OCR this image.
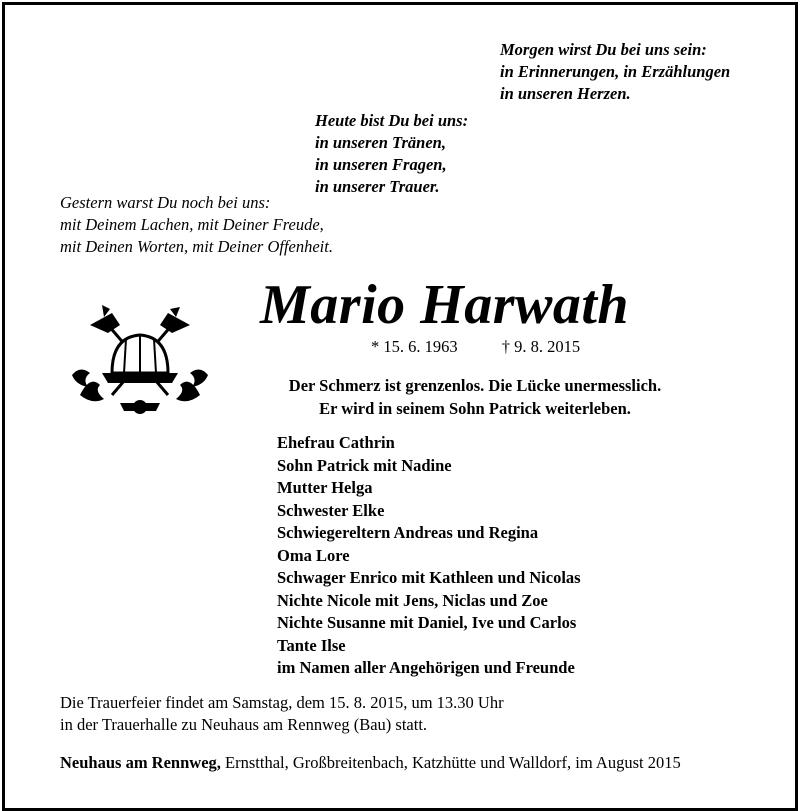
Morgen wirst Du bei uns sein:
in Erinnerungen, in Erzählungen
in unseren Herzen.
Heute bist Du bei uns:
in unseren Tränen,
in unseren Fragen,
in unserer Trauer.
Gestern warst Du noch bei uns:
mit Deinem Lachen, mit Deiner Freude,
mit Deinen Worten, mit Deiner Offenheit.
Mario Harwath
* 15. 6. 1963	† 9. 8. 2015
Der Schmerz ist grenzenlos. Die Lücke unermesslich.
Er wird in seinem Sohn Patrick weiterleben.
Ehefrau Cathrin
Sohn Patrick mit Nadine
Mutter Helga
Schwester Elke
Schwiegereltern Andreas und Regina
Oma Lore
Schwager Enrico mit Kathleen und Nicolas
Nichte Nicole mit Jens, Niclas und Zoe
Nichte Susanne mit Daniel, Ive und Carlos
Tante Ilse
im Namen aller Angehörigen und Freunde
Die Trauerfeier findet am Samstag, dem 15. 8. 2015, um 13.30 Uhr
in der Trauerhalle zu Neuhaus am Rennweg (Bau) statt.
Neuhaus am Rennweg, Ernstthal, Großbreitenbach, Katzhütte und Walldorf, im August 2015
